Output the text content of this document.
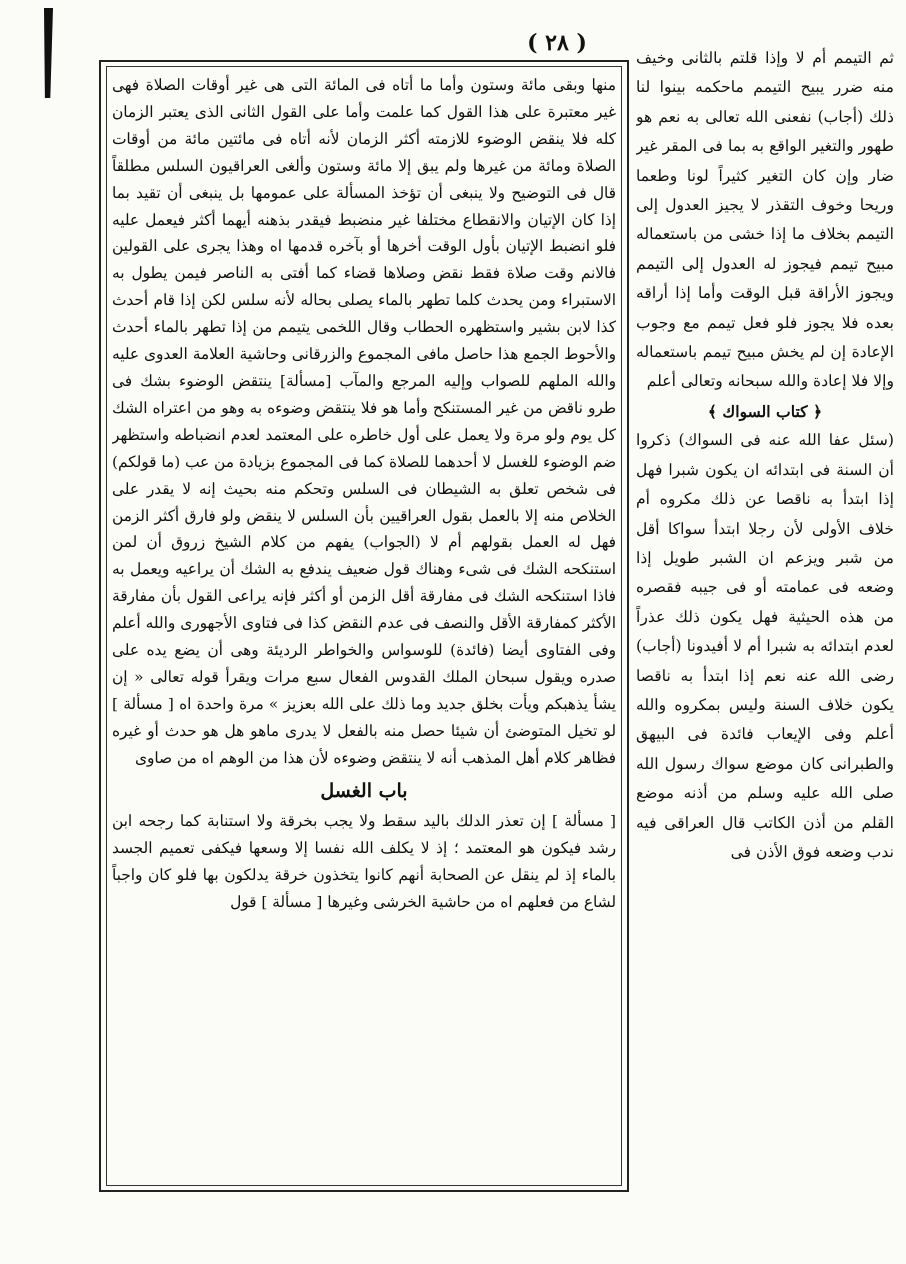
( ٢٨ )

منها وبقى مائة وستون وأما ما أتاه فى المائة التى هى غير أوقات الصلاة فهى غير معتبرة على هذا القول كما علمت وأما على القول الثانى الذى يعتبر الزمان كله فلا ينقض الوضوء للازمته أكثر الزمان لأنه أتاه فى مائتين مائة من أوقات الصلاة ومائة من غيرها ولم يبق إلا مائة وستون وألغى العراقيون السلس مطلقاً قال فى التوضيح ولا ينبغى أن تؤخذ المسألة على عمومها بل ينبغى أن تقيد بما إذا كان الإتيان والانقطاع مختلفا غير منضبط فيقدر بذهنه أيهما أكثر فيعمل عليه فلو انضبط الإتيان بأول الوقت أخرها أو بآخره قدمها اه وهذا يجرى على القولين فالانم وقت صلاة فقط نقض وصلاها قضاء كما أفتى به الناصر فيمن يطول به الاستبراء ومن يحدث كلما تطهر بالماء يصلى بحاله لأنه سلس لكن إذا قام أحدث كذا لابن بشير واستظهره الحطاب وقال اللخمى يتيمم من إذا تطهر بالماء أحدث والأحوط الجمع هذا حاصل مافى المجموع والزرقانى وحاشية العلامة العدوى عليه والله الملهم للصواب وإليه المرجع والمآب [مسألة] ينتقض الوضوء بشك فى طرو ناقض من غير المستنكح وأما هو فلا ينتقض وضوءه به وهو من اعتراه الشك كل يوم ولو مرة ولا يعمل على أول خاطره على المعتمد لعدم انضباطه واستظهر ضم الوضوء للغسل لا أحدهما للصلاة كما فى المجموع بزيادة من عب (ما قولكم) فى شخص تعلق به الشيطان فى السلس وتحكم منه بحيث إنه لا يقدر على الخلاص منه إلا بالعمل بقول العراقيين بأن السلس لا ينقض ولو فارق أكثر الزمن فهل له العمل بقولهم أم لا (الجواب) يفهم من كلام الشيخ زروق أن لمن استنكحه الشك فى شىء وهناك قول ضعيف يندفع به الشك أن يراعيه ويعمل به فاذا استنكحه الشك فى مفارقة أقل الزمن أو أكثر فإنه يراعى القول بأن مفارقة الأكثر كمفارقة الأقل والنصف فى عدم النقض كذا فى فتاوى الأجهورى والله أعلم وفى الفتاوى أيضا (فائدة) للوسواس والخواطر الرديئة وهى أن يضع يده على صدره ويقول سبحان الملك القدوس الفعال سبع مرات ويقرأ قوله تعالى « إن يشأ يذهبكم ويأت بخلق جديد وما ذلك على الله بعزيز » مرة واحدة اه [ مسألة ] لو تخيل المتوضئ أن شيئا حصل منه بالفعل لا يدرى ماهو هل هو حدث أو غيره فظاهر كلام أهل المذهب أنه لا ينتقض وضوءه لأن هذا من الوهم اه من صاوى

باب الغسل

[ مسألة ] إن تعذر الدلك باليد سقط ولا يجب بخرقة ولا استنابة كما رجحه ابن رشد فيكون هو المعتمد ؛ إذ لا يكلف الله نفسا إلا وسعها فيكفى تعميم الجسد بالماء إذ لم ينقل عن الصحابة أنهم كانوا يتخذون خرقة يدلكون بها فلو كان واجباً لشاع من فعلهم اه من حاشية الخرشى وغيرها [ مسألة ] قول

ثم التيمم أم لا وإذا قلتم بالثانى وخيف منه ضرر يبيح التيمم ماحكمه بينوا لنا ذلك (أجاب) نفعنى الله تعالى به نعم هو طهور والتغير الواقع به بما فى المقر غير ضار وإن كان التغير كثيراً لونا وطعما وريحا وخوف التقذر لا يجيز العدول إلى التيمم بخلاف ما إذا خشى من باستعماله مبيح تيمم فيجوز له العدول إلى التيمم ويجوز الأراقة قبل الوقت وأما إذا أراقه بعده فلا يجوز فلو فعل تيمم مع وجوب الإعادة إن لم يخش مبيح تيمم باستعماله وإلا فلا إعادة والله سبحانه وتعالى أعلم

﴿ كتاب السواك ﴾

(سئل عفا الله عنه فى السواك) ذكروا أن السنة فى ابتدائه ان يكون شبرا فهل إذا ابتدأ به ناقصا عن ذلك مكروه أم خلاف الأولى لأن رجلا ابتدأ سواكا أقل من شبر ويزعم ان الشبر طويل إذا وضعه فى عمامته أو فى جيبه فقصره من هذه الحيثية فهل يكون ذلك عذراً لعدم ابتدائه به شبرا أم لا أفيدونا (أجاب) رضى الله عنه نعم إذا ابتدأ به ناقصا يكون خلاف السنة وليس بمكروه والله أعلم وفى الإيعاب فائدة فى البيهق والطبرانى كان موضع سواك رسول الله صلى الله عليه وسلم من أذنه موضع القلم من أذن الكاتب قال العراقى فيه ندب وضعه فوق الأذن فى
